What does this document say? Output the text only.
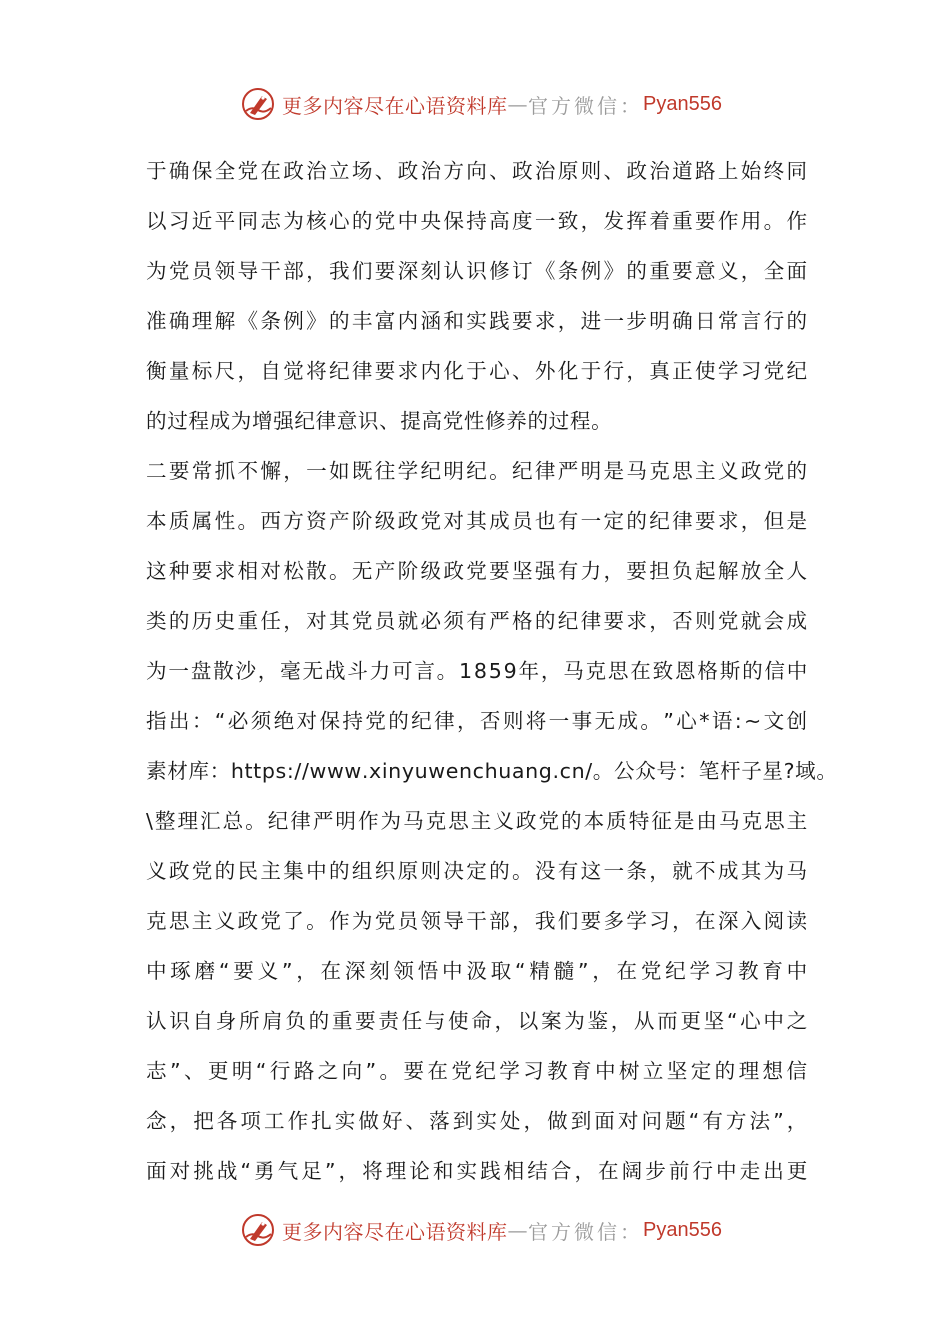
更多内容尽在心语资料库 — 官方微信： Pyan556
于 确 保 全 党 在 政 治 立 场 、 政 治 方 向 、 政 治 原 则 、 政 治 道 路 上 始 终 同
以 习 近 平 同 志 为 核 心 的 党 中 央 保 持 高 度 一 致 ， 发 挥 着 重 要 作 用 。 作
为 党 员 领 导 干 部 ， 我 们 要 深 刻 认 识 修 订 《 条 例 》 的 重 要 意 义 ， 全 面
准 确 理 解 《 条 例 》 的 丰 富 内 涵 和 实 践 要 求 ， 进 一 步 明 确 日 常 言 行 的
衡 量 标 尺 ， 自 觉 将 纪 律 要 求 内 化 于 心 、 外 化 于 行 ， 真 正 使 学 习 党 纪
的过程成为增强纪律意识、提高党性修养的过程。
二 要 常 抓 不 懈 ， 一 如 既 往 学 纪 明 纪 。 纪 律 严 明 是 马 克 思 主 义 政 党 的
本 质 属 性 。 西 方 资 产 阶 级 政 党 对 其 成 员 也 有 一 定 的 纪 律 要 求 ， 但 是
这 种 要 求 相 对 松 散 。 无 产 阶 级 政 党 要 坚 强 有 力 ， 要 担 负 起 解 放 全 人
类 的 历 史 重 任 ， 对 其 党 员 就 必 须 有 严 格 的 纪 律 要 求 ， 否 则 党 就 会 成
为 一 盘 散 沙 ， 毫 无 战 斗 力 可 言 。 1 8 5 9 年 ， 马 克 思 在 致 恩 格 斯 的 信 中
指 出 ： “ 必 须 绝 对 保 持 党 的 纪 律 ， 否 则 将 一 事 无 成 。 ” 心 * 语 : ~ 文 创
素 材 库 ： h t t p s : / / w w w . x i n y u w e n c h u a n g . c n / 。 公 众 号 ： 笔 杆 子 星 ? 域 。
\ 整 理 汇 总 。 纪 律 严 明 作 为 马 克 思 主 义 政 党 的 本 质 特 征 是 由 马 克 思 主
义 政 党 的 民 主 集 中 的 组 织 原 则 决 定 的 。 没 有 这 一 条 ， 就 不 成 其 为 马
克 思 主 义 政 党 了 。 作 为 党 员 领 导 干 部 ， 我 们 要 多 学 习 ， 在 深 入 阅 读
中 琢 磨 “ 要 义 ” ， 在 深 刻 领 悟 中 汲 取 “ 精 髓 ” ， 在 党 纪 学 习 教 育 中
认 识 自 身 所 肩 负 的 重 要 责 任 与 使 命 ， 以 案 为 鉴 ， 从 而 更 坚 “ 心 中 之
志 ” 、 更 明 “ 行 路 之 向 ” 。 要 在 党 纪 学 习 教 育 中 树 立 坚 定 的 理 想 信
念 ， 把 各 项 工 作 扎 实 做 好 、 落 到 实 处 ， 做 到 面 对 问 题 “ 有 方 法 ” ，
面 对 挑 战 “ 勇 气 足 ” ， 将 理 论 和 实 践 相 结 合 ， 在 阔 步 前 行 中 走 出 更
更多内容尽在心语资料库 — 官方微信： Pyan556
